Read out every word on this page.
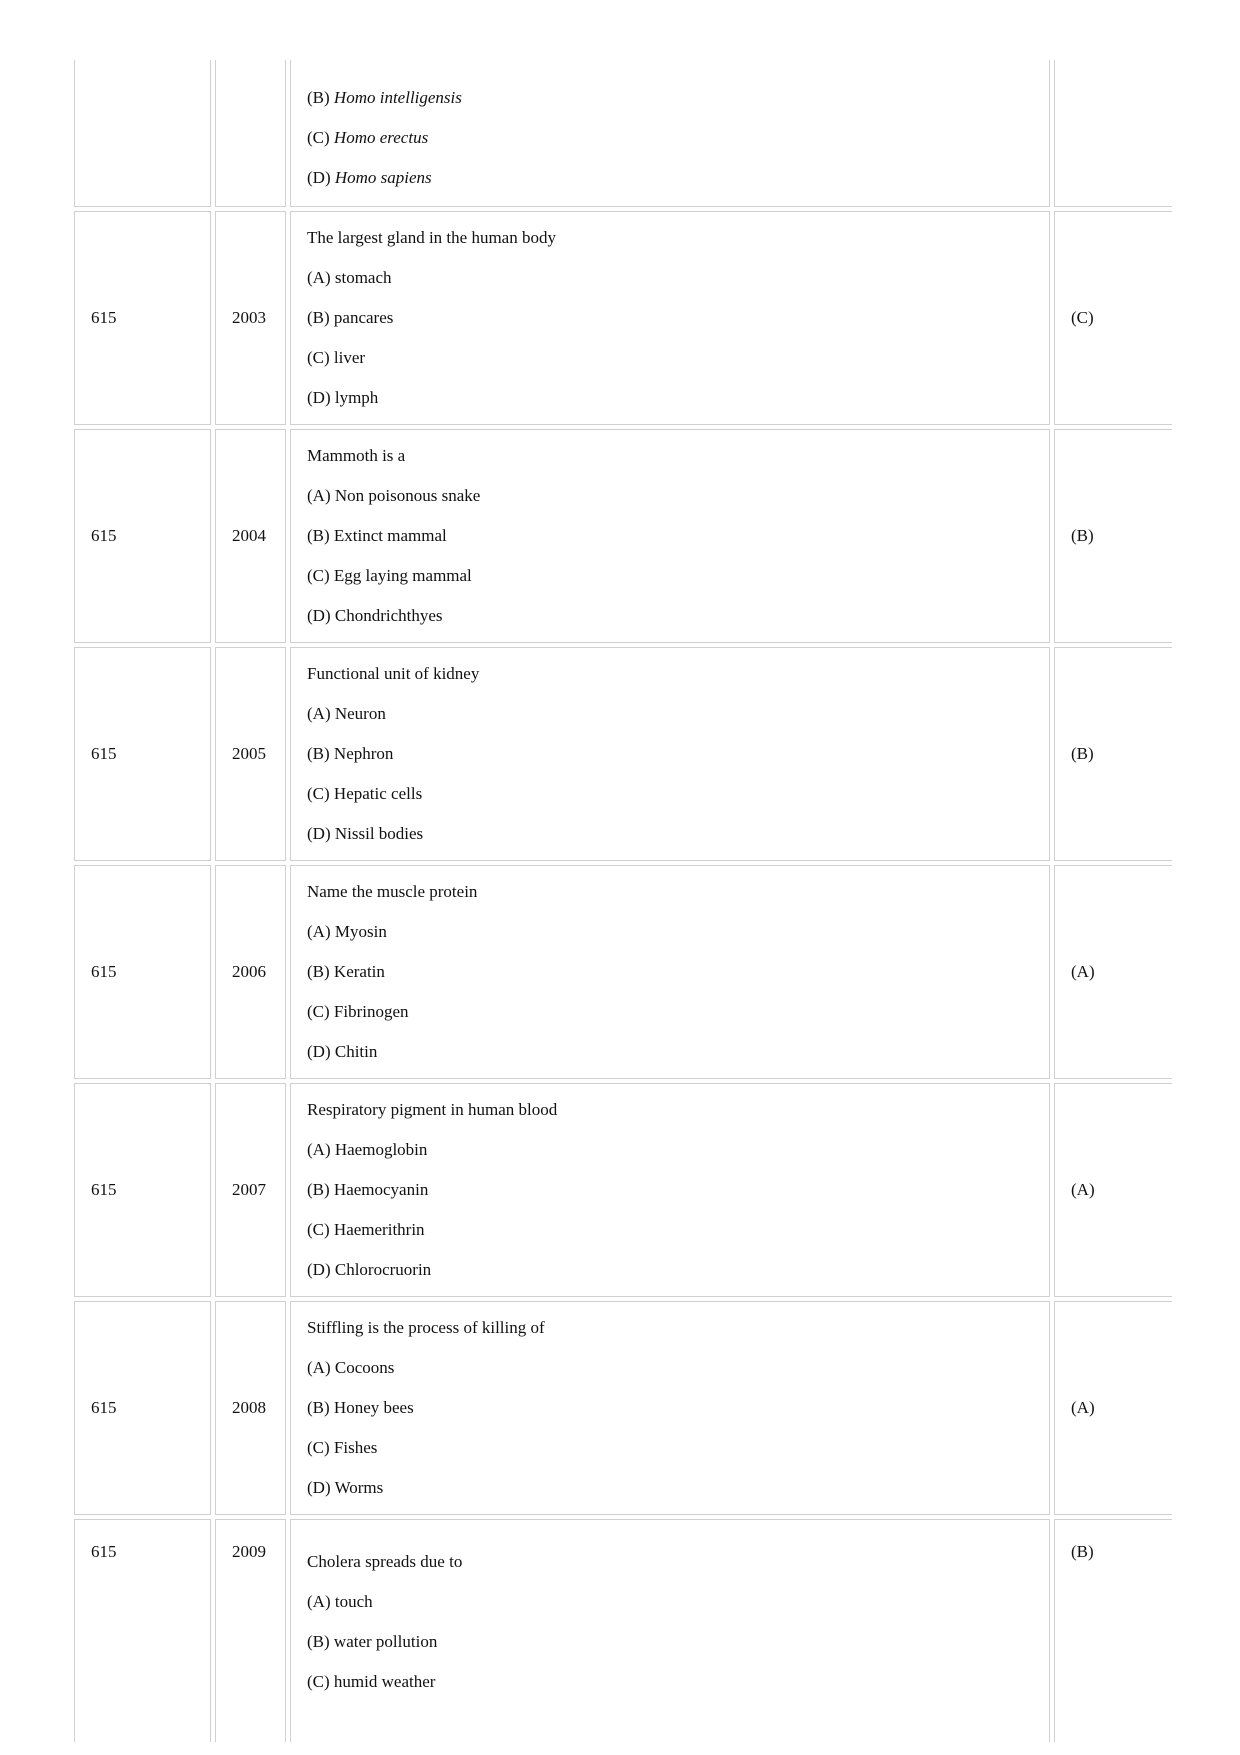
		(B) Homo intelligensis
(C) Homo erectus
(D) Homo sapiens	

615	2003	The largest gland in the human body
(A) stomach
(B) pancares
(C) liver
(D) lymph	(C)
615	2004	Mammoth is a
(A) Non poisonous snake
(B) Extinct mammal
(C) Egg laying mammal
(D) Chondrichthyes	(B)
615	2005	Functional unit of kidney
(A) Neuron
(B) Nephron
(C) Hepatic cells
(D) Nissil bodies	(B)
615	2006	Name the muscle protein
(A) Myosin
(B) Keratin
(C) Fibrinogen
(D) Chitin	(A)
615	2007	Respiratory pigment in human blood
(A) Haemoglobin
(B) Haemocyanin
(C) Haemerithrin
(D) Chlorocruorin	(A)
615	2008	Stiffling is the process of killing of
(A) Cocoons
(B) Honey bees
(C) Fishes
(D) Worms	(A)
615	2009	Cholera spreads due to
(A) touch
(B) water pollution
(C) humid weather	(B)
